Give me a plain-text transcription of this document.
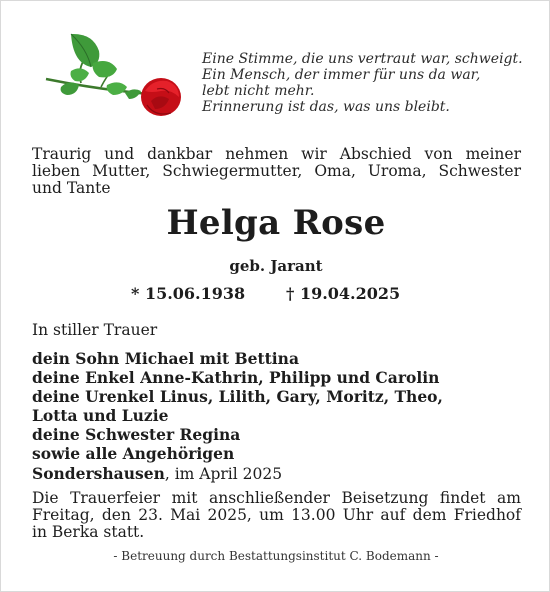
Eine Stimme, die uns vertraut war, schweigt.
Ein Mensch, der immer für uns da war,
lebt nicht mehr.
Erinnerung ist das, was uns bleibt.
Traurig und dankbar nehmen wir Abschied von meiner
lieben Mutter, Schwiegermutter, Oma, Uroma, Schwester
und Tante
Helga Rose
geb. Jarant
* 15.06.1938	† 19.04.2025
In stiller Trauer
dein Sohn Michael mit Bettina
deine Enkel Anne-Kathrin, Philipp und Carolin
deine Urenkel Linus, Lilith, Gary, Moritz, Theo,
Lotta und Luzie
deine Schwester Regina
sowie alle Angehörigen
Sondershausen, im April 2025
Die Trauerfeier mit anschließender Beisetzung findet am
Freitag, den 23. Mai 2025, um 13.00 Uhr auf dem Friedhof
in Berka statt.
- Betreuung durch Bestattungsinstitut C. Bodemann -
